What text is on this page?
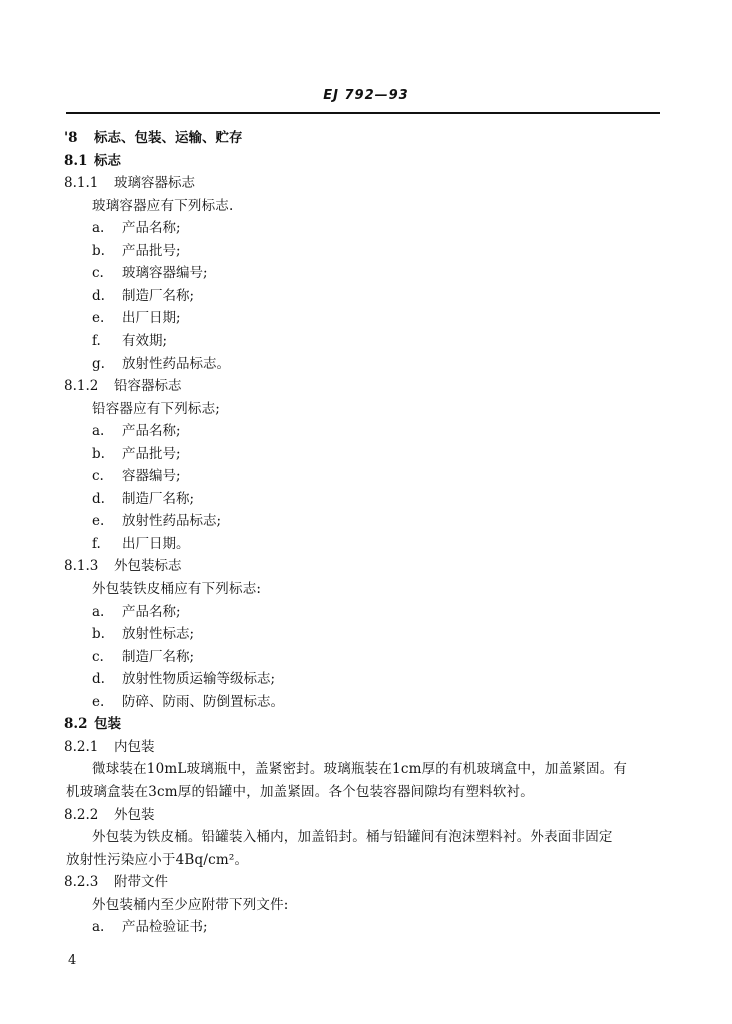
EJ 792—93
'8 标志、包装、运输、贮存
8.1 标志
8.1.1 玻璃容器标志
玻璃容器应有下列标志.
a. 产品名称;
b. 产品批号;
c. 玻璃容器编号;
d. 制造厂名称;
e. 出厂日期;
f. 有效期;
g. 放射性药品标志。
8.1.2 铅容器标志
铅容器应有下列标志;
a. 产品名称;
b. 产品批号;
c. 容器编号;
d. 制造厂名称;
e. 放射性药品标志;
f. 出厂日期。
8.1.3 外包装标志
外包装铁皮桶应有下列标志:
a. 产品名称;
b. 放射性标志;
c. 制造厂名称;
d. 放射性物质运输等级标志;
e. 防碎、防雨、防倒置标志。
8.2 包装
8.2.1 内包装
微球装在10mL玻璃瓶中，盖紧密封。玻璃瓶装在1cm厚的有机玻璃盒中，加盖紧固。有
机玻璃盒装在3cm厚的铅罐中，加盖紧固。各个包装容器间隙均有塑料软衬。
8.2.2 外包装
外包装为铁皮桶。铅罐装入桶内，加盖铅封。桶与铅罐间有泡沫塑料衬。外表面非固定
放射性污染应小于4Bq/cm²。
8.2.3 附带文件
外包装桶内至少应附带下列文件:
a. 产品检验证书;
4
